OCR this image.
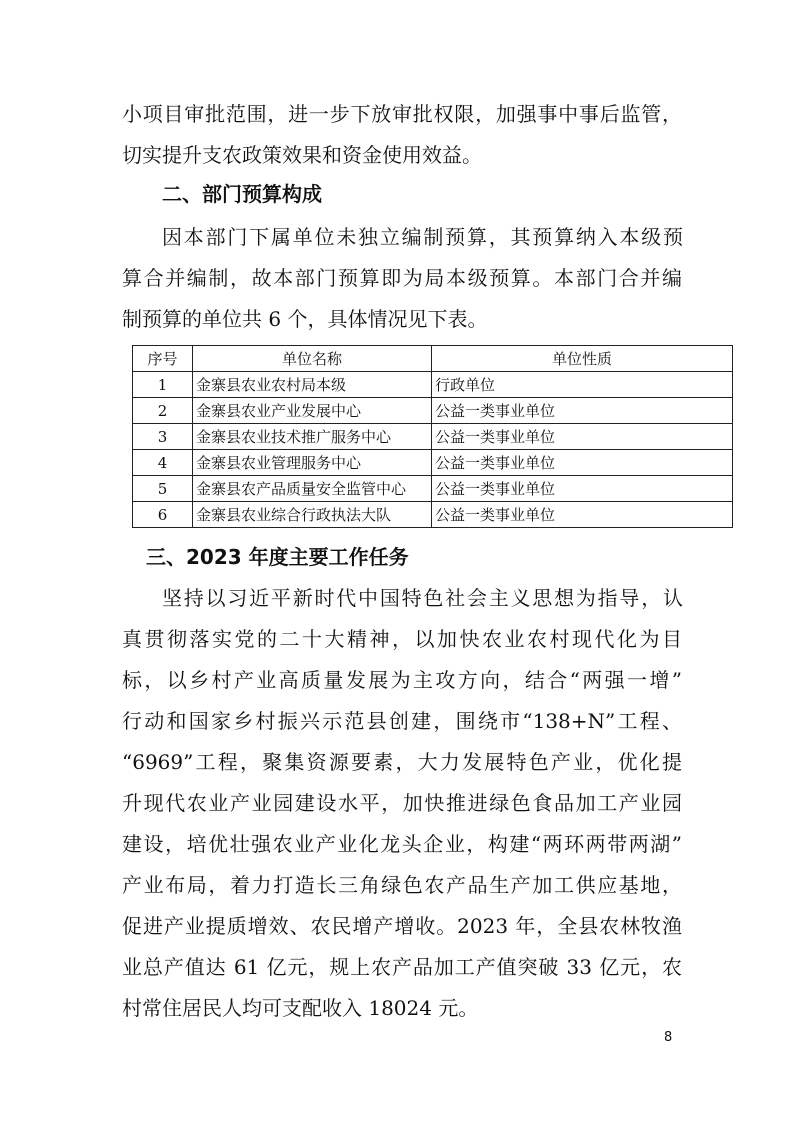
小项目审批范围，进一步下放审批权限，加强事中事后监管，
切实提升支农政策效果和资金使用效益。
二、部门预算构成
因本部门下属单位未独立编制预算，其预算纳入本级预
算合并编制，故本部门预算即为局本级预算。本部门合并编
制预算的单位共 6 个，具体情况见下表。
序号	单位名称	单位性质
1	金寨县农业农村局本级	行政单位
2	金寨县农业产业发展中心	公益一类事业单位
3	金寨县农业技术推广服务中心	公益一类事业单位
4	金寨县农业管理服务中心	公益一类事业单位
5	金寨县农产品质量安全监管中心	公益一类事业单位
6	金寨县农业综合行政执法大队	公益一类事业单位
三、2023 年度主要工作任务
坚持以习近平新时代中国特色社会主义思想为指导，认
真贯彻落实党的二十大精神，以加快农业农村现代化为目
标，以乡村产业高质量发展为主攻方向，结合“两强一增”
行动和国家乡村振兴示范县创建，围绕市“138+N”工程、
“6969”工程，聚集资源要素，大力发展特色产业，优化提
升现代农业产业园建设水平，加快推进绿色食品加工产业园
建设，培优壮强农业产业化龙头企业，构建“两环两带两湖”
产业布局，着力打造长三角绿色农产品生产加工供应基地，
促进产业提质增效、农民增产增收。2023 年，全县农林牧渔
业总产值达 61 亿元，规上农产品加工产值突破 33 亿元，农
村常住居民人均可支配收入 18024 元。
8
